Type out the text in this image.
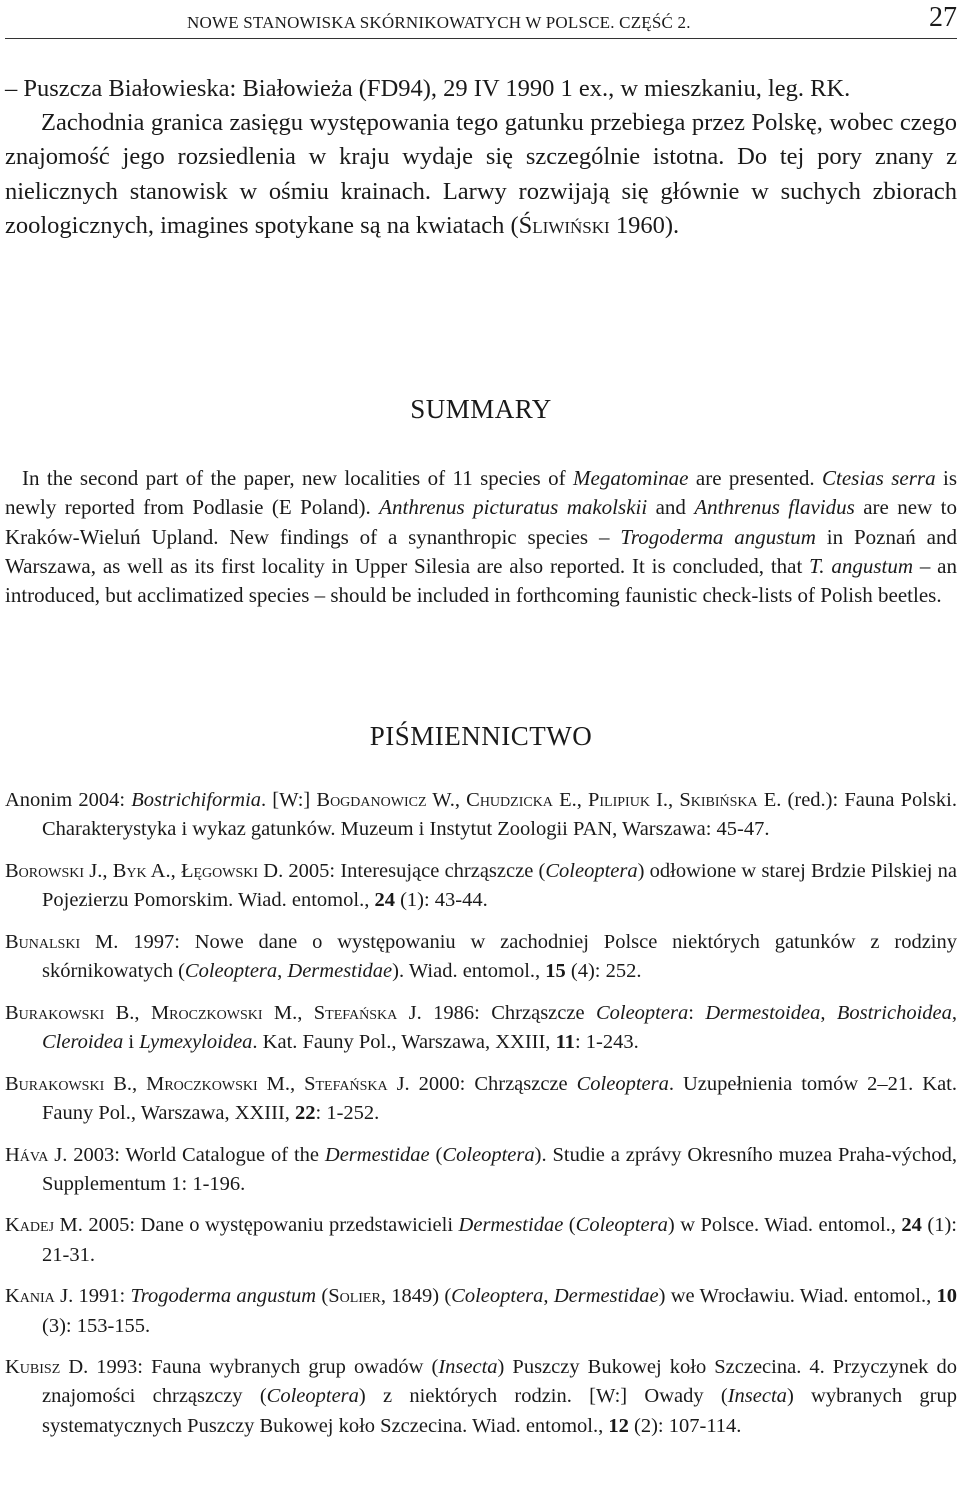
NOWE STANOWISKA SKÓRNIKOWATYCH W POLSCE. CZĘŚĆ 2.	27

– Puszcza Białowieska: Białowieża (FD94), 29 IV 1990 1 ex., w mieszkaniu, leg. RK.

Zachodnia granica zasięgu występowania tego gatunku przebiega przez Polskę, wobec czego znajomość jego rozsiedlenia w kraju wydaje się szczególnie istotna. Do tej pory znany z nielicznych stanowisk w ośmiu krainach. Larwy rozwijają się głównie w suchych zbiorach zoologicznych, imagines spotykane są na kwiatach (Śliwiński 1960).

SUMMARY

In the second part of the paper, new localities of 11 species of Megatominae are presented. Ctesias serra is newly reported from Podlasie (E Poland). Anthrenus picturatus makolskii and Anthrenus flavidus are new to Kraków-Wieluń Upland. New findings of a synanthropic species – Trogoderma angustum in Poznań and Warszawa, as well as its first locality in Upper Silesia are also reported. It is concluded, that T. angustum – an introduced, but acclimatized species – should be included in forthcoming faunistic check-lists of Polish beetles.

PIŚMIENNICTWO

Anonim 2004: Bostrichiformia. [W:] Bogdanowicz W., Chudzicka E., Pilipiuk I., Skibińska E. (red.): Fauna Polski. Charakterystyka i wykaz gatunków. Muzeum i Instytut Zoologii PAN, Warszawa: 45-47.

Borowski J., Byk A., Łęgowski D. 2005: Interesujące chrząszcze (Coleoptera) odłowione w starej Brdzie Pilskiej na Pojezierzu Pomorskim. Wiad. entomol., 24 (1): 43-44.

Bunalski M. 1997: Nowe dane o występowaniu w zachodniej Polsce niektórych gatunków z rodziny skórnikowatych (Coleoptera, Dermestidae). Wiad. entomol., 15 (4): 252.

Burakowski B., Mroczkowski M., Stefańska J. 1986: Chrząszcze Coleoptera: Dermestoidea, Bostrichoidea, Cleroidea i Lymexyloidea. Kat. Fauny Pol., Warszawa, XXIII, 11: 1-243.

Burakowski B., Mroczkowski M., Stefańska J. 2000: Chrząszcze Coleoptera. Uzupełnienia tomów 2–21. Kat. Fauny Pol., Warszawa, XXIII, 22: 1-252.

Háva J. 2003: World Catalogue of the Dermestidae (Coleoptera). Studie a zprávy Okresního muzea Praha-východ, Supplementum 1: 1-196.

Kadej M. 2005: Dane o występowaniu przedstawicieli Dermestidae (Coleoptera) w Polsce. Wiad. entomol., 24 (1): 21-31.

Kania J. 1991: Trogoderma angustum (Solier, 1849) (Coleoptera, Dermestidae) we Wrocławiu. Wiad. entomol., 10 (3): 153-155.

Kubisz D. 1993: Fauna wybranych grup owadów (Insecta) Puszczy Bukowej koło Szczecina. 4. Przyczynek do znajomości chrząszczy (Coleoptera) z niektórych rodzin. [W:] Owady (Insecta) wybranych grup systematycznych Puszczy Bukowej koło Szczecina. Wiad. entomol., 12 (2): 107-114.
